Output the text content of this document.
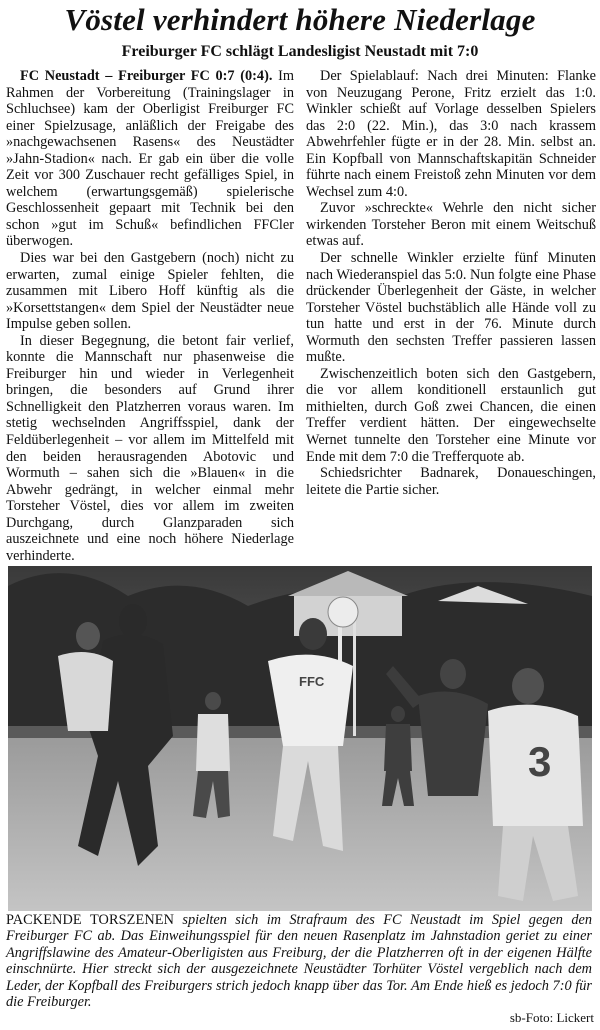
Vöstel verhindert höhere Niederlage
Freiburger FC schlägt Landesligist Neustadt mit 7:0

FC Neustadt – Freiburger FC 0:7 (0:4). Im Rahmen der Vorbereitung (Trainingslager in Schluchsee) kam der Oberligist Freiburger FC einer Spielzusage, anläßlich der Freigabe des »nachgewachsenen Rasens« des Neustädter »Jahn-Stadion« nach. Er gab ein über die volle Zeit vor 300 Zuschauer recht gefälliges Spiel, in welchem (erwartungsgemäß) spielerische Geschlossenheit gepaart mit Technik bei den schon »gut im Schuß« befindlichen FFCler überwogen.

Dies war bei den Gastgebern (noch) nicht zu erwarten, zumal einige Spieler fehlten, die zusammen mit Libero Hoff künftig als die »Korsettstangen« dem Spiel der Neustädter neue Impulse geben sollen.

In dieser Begegnung, die betont fair verlief, konnte die Mannschaft nur phasenweise die Freiburger hin und wieder in Verlegenheit bringen, die besonders auf Grund ihrer Schnelligkeit den Platzherren voraus waren. Im stetig wechselnden Angriffsspiel, dank der Feldüberlegenheit – vor allem im Mittelfeld mit den beiden herausragenden Abotovic und Wormuth – sahen sich die »Blauen« in die Abwehr gedrängt, in welcher einmal mehr Torsteher Vöstel, dies vor allem im zweiten Durchgang, durch Glanzparaden sich auszeichnete und eine noch höhere Niederlage verhinderte.

Der Spielablauf: Nach drei Minuten: Flanke von Neuzugang Perone, Fritz erzielt das 1:0. Winkler schießt auf Vorlage desselben Spielers das 2:0 (22. Min.), das 3:0 nach krassem Abwehrfehler fügte er in der 28. Min. selbst an. Ein Kopfball von Mannschaftskapitän Schneider führte nach einem Freistoß zehn Minuten vor dem Wechsel zum 4:0.

Zuvor »schreckte« Wehrle den nicht sicher wirkenden Torsteher Beron mit einem Weitschuß etwas auf.

Der schnelle Winkler erzielte fünf Minuten nach Wiederanspiel das 5:0. Nun folgte eine Phase drückender Überlegenheit der Gäste, in welcher Torsteher Vöstel buchstäblich alle Hände voll zu tun hatte und erst in der 76. Minute durch Wormuth den sechsten Treffer passieren lassen mußte.

Zwischenzeitlich boten sich den Gastgebern, die vor allem konditionell erstaunlich gut mithielten, durch Goß zwei Chancen, die einen Treffer verdient hätten. Der eingewechselte Wernet tunnelte den Torsteher eine Minute vor Ende mit dem 7:0 die Trefferquote ab.

Schiedsrichter Badnarek, Donaueschingen, leitete die Partie sicher.

FFC
3
PACKENDE TORSZENEN spielten sich im Strafraum des FC Neustadt im Spiel gegen den Freiburger FC ab. Das Einweihungsspiel für den neuen Rasenplatz im Jahnstadion geriet zu einer Angriffslawine des Amateur-Oberligisten aus Freiburg, der die Platzherren oft in der eigenen Hälfte einschnürte. Hier streckt sich der ausgezeichnete Neustädter Torhüter Vöstel vergeblich nach dem Leder, der Kopfball des Freiburgers strich jedoch knapp über das Tor. Am Ende hieß es jedoch 7:0 für die Freiburger.
sb-Foto: Lickert
